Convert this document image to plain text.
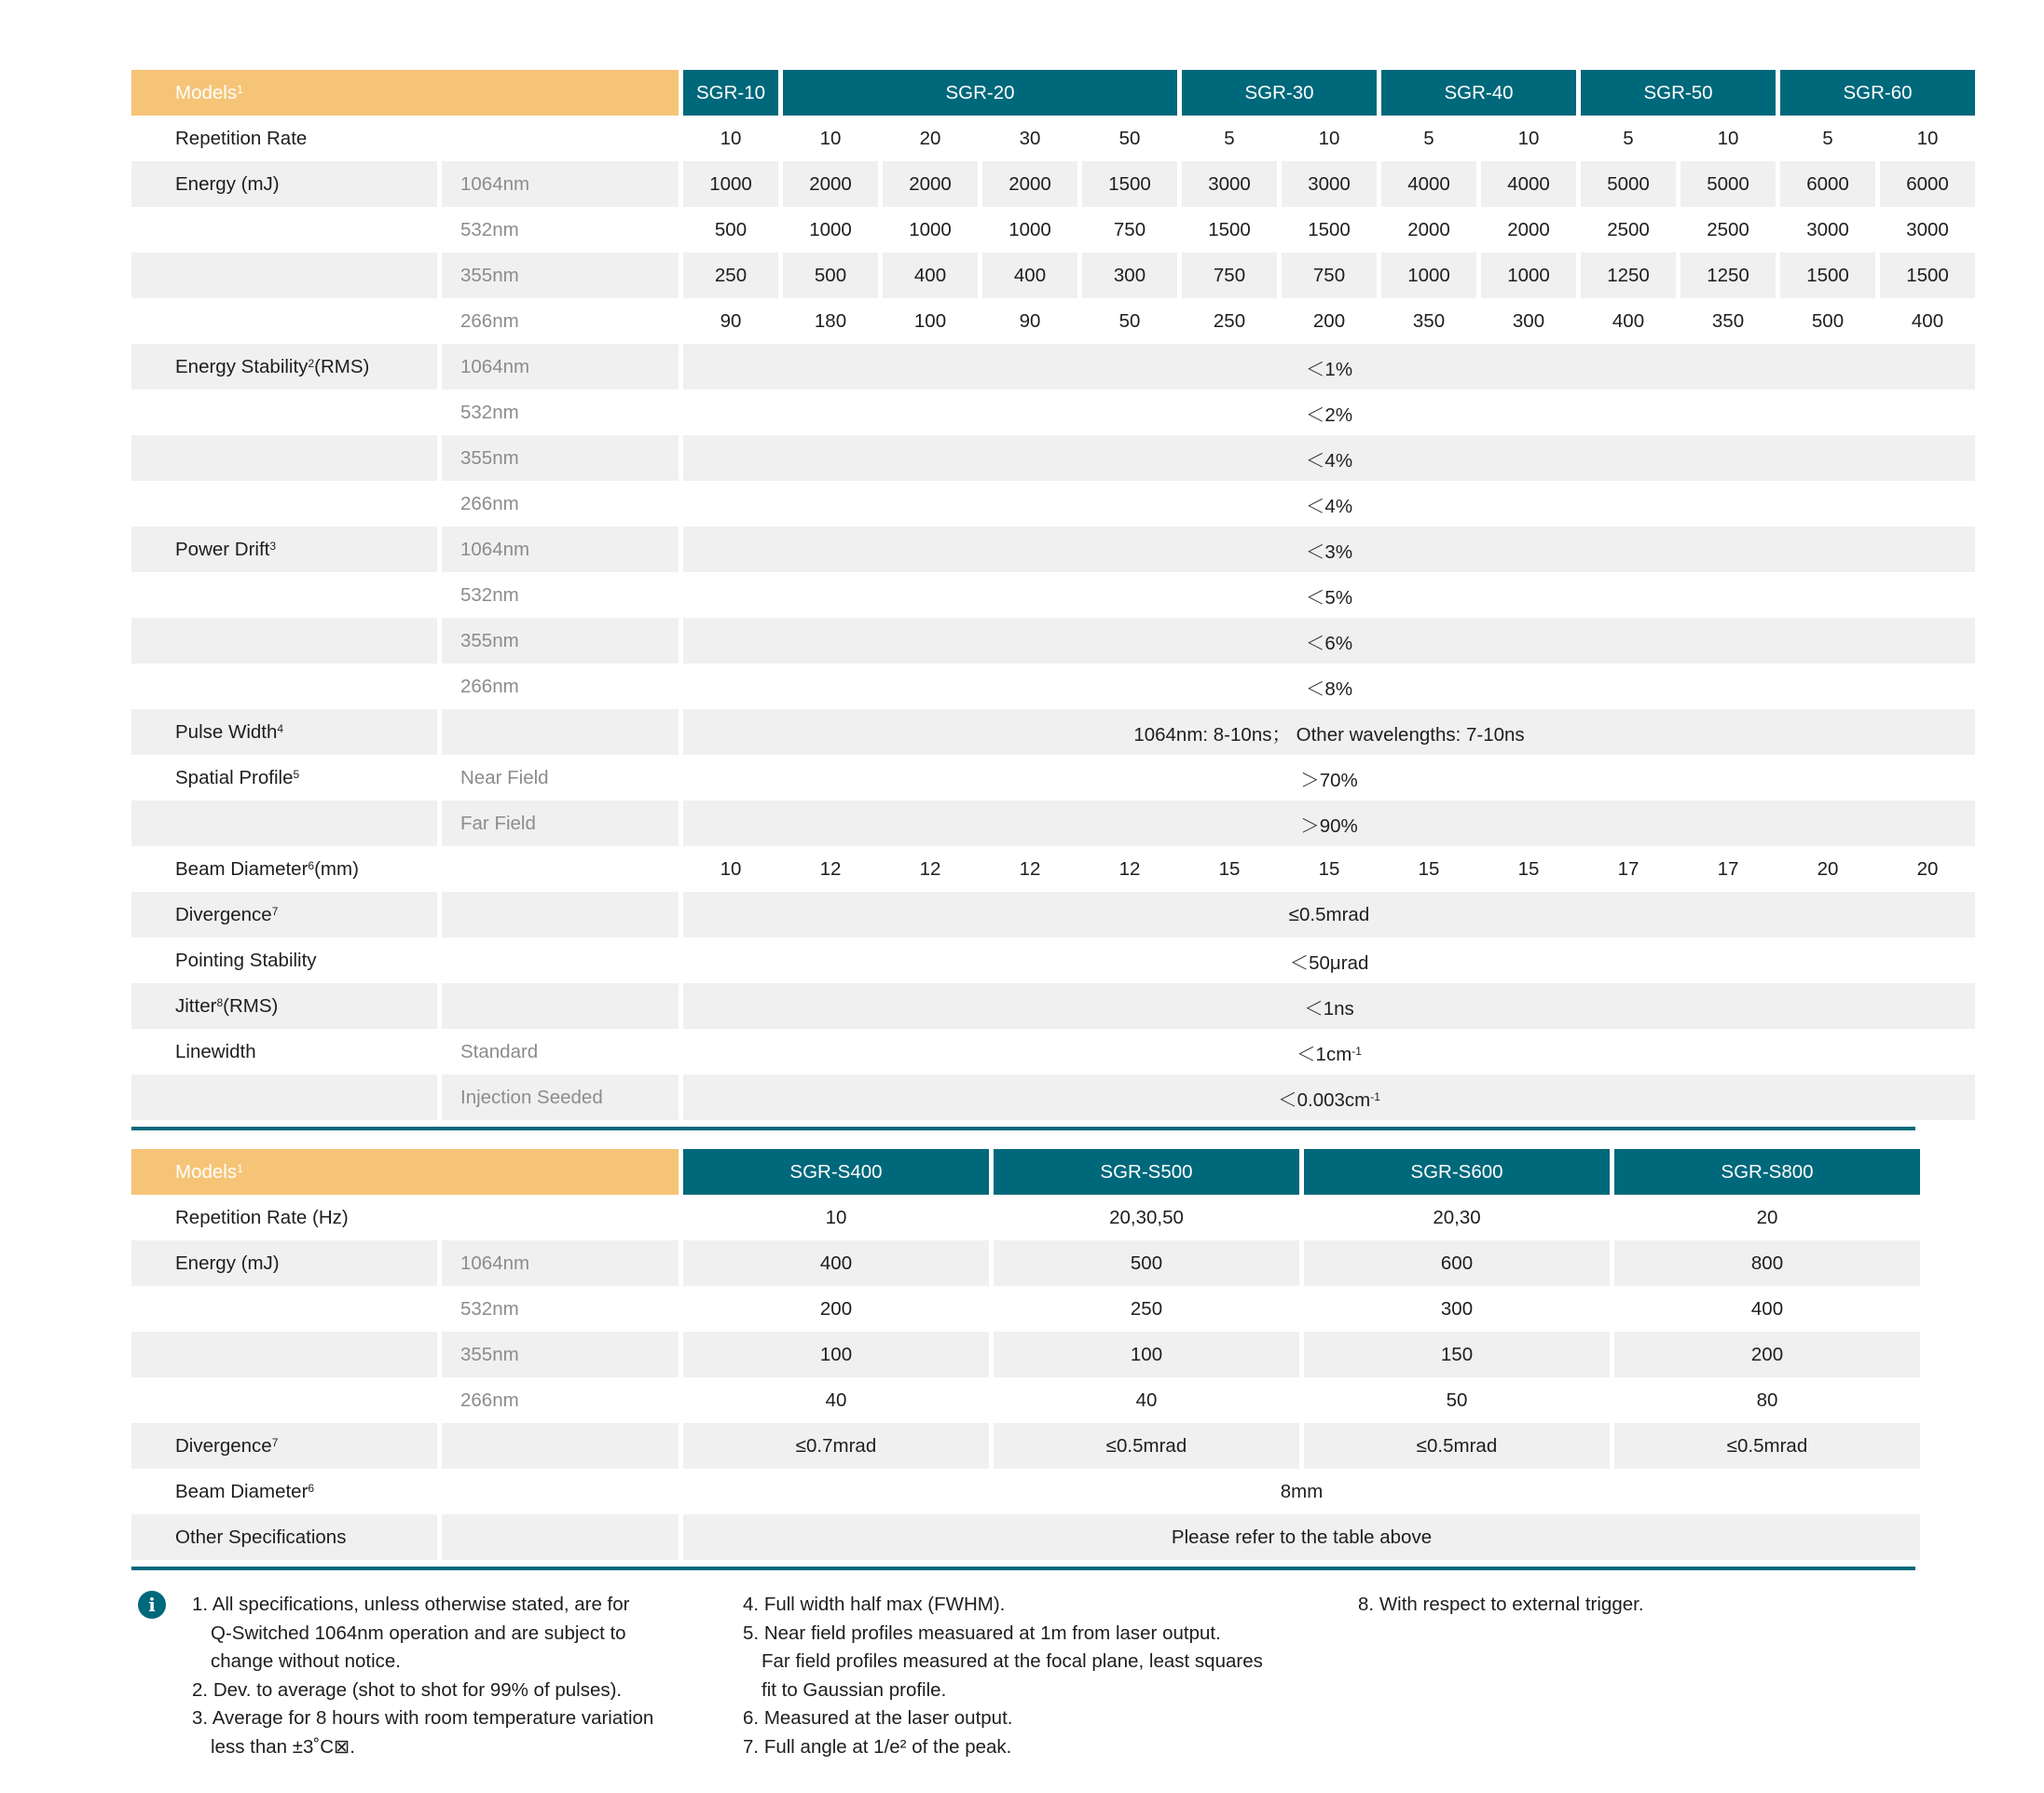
Models$^1$		SGR-10	SGR-20				SGR-30		SGR-40		SGR-50		SGR-60	
Repetition Rate		10	10	20	30	50	5	10	5	10	5	10	5	10
Energy (mJ)	1064nm	1000	2000	2000	2000	1500	3000	3000	4000	4000	5000	5000	6000	6000
	532nm	500	1000	1000	1000	750	1500	1500	2000	2000	2500	2500	3000	3000
	355nm	250	500	400	400	300	750	750	1000	1000	1250	1250	1500	1500
	266nm	90	180	100	90	50	250	200	350	300	400	350	500	400
Energy Stability$^2$(RMS)	1064nm	＜1%												
	532nm	＜2%												
	355nm	＜4%												
	266nm	＜4%												
Power Drift$^3$	1064nm	＜3%												
	532nm	＜5%												
	355nm	＜6%												
	266nm	＜8%												
Pulse Width$^4$		1064nm: 8-10ns； Other wavelengths: 7-10ns												
Spatial Profile$^5$	Near Field	＞70%												
	Far Field	＞90%												
Beam Diameter$^6$(mm)		10	12	12	12	12	15	15	15	15	17	17	20	20
Divergence$^7$		≤0.5mrad												
Pointing Stability		＜50μrad												
Jitter$^8$(RMS)		＜1ns												
Linewidth	Standard	$<1cm^{-1}$
	Injection Seeded	$<0.003cm^{-1}$
Models$^1$		SGR-S400	SGR-S500	SGR-S600	SGR-S800
Repetition Rate (Hz)		10	20,30,50	20,30	20
Energy (mJ)	1064nm	400	500	600	800
	532nm	200	250	300	400
	355nm	100	100	150	200
	266nm	40	40	50	80
Divergence$^7$		≤0.7mrad	≤0.5mrad	≤0.5mrad	≤0.5mrad
Beam Diameter$^6$		8mm			
Other Specifications		Please refer to the table above			
i	1. All specifications, unless otherwise stated, are for
Q-Switched 1064nm operation and are subject to
change without notice.
2. Dev. to average (shot to shot for 99% of pulses).
3. Average for 8 hours with room temperature variation
less than ±3˚C⊠.
4. Full width half max (FWHM).
5. Near field profiles measuared at 1m from laser output.
Far field profiles measured at the focal plane, least squares
fit to Gaussian profile.
6. Measured at the laser output.
7. Full angle at 1/e² of the peak.
8. With respect to external trigger.
